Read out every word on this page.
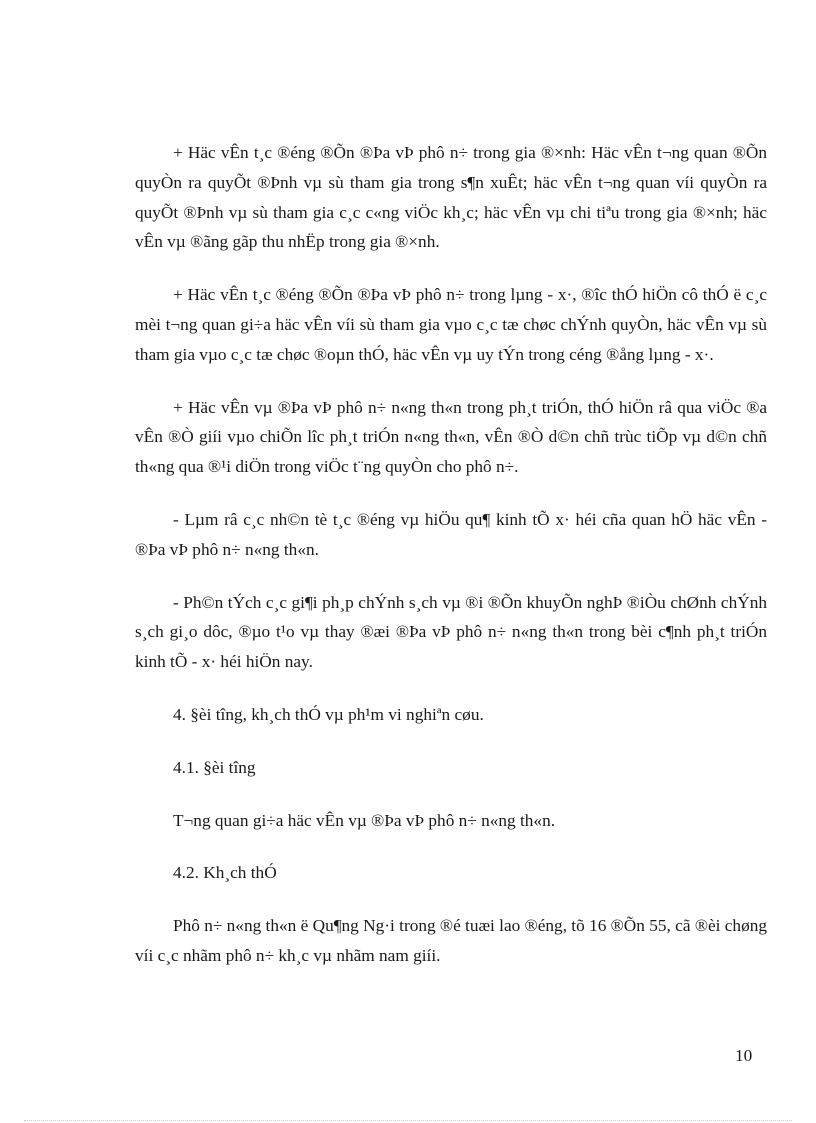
+ Häc vÊn t¸c ®éng ®Õn ®Þa vÞ phô n÷ trong gia ®×nh: Häc vÊn t¬ng quan ®Õn quyÒn ra quyÕt ®Þnh vµ sù tham gia trong s¶n xuÊt; häc vÊn t¬ng quan víi quyÒn ra quyÕt ®Þnh vµ sù tham gia c¸c c«ng viÖc kh¸c; häc vÊn vµ chi tiªu trong gia ®×nh; häc vÊn vµ ®ãng gãp thu nhËp trong gia ®×nh.

+ Häc vÊn t¸c ®éng ®Õn ®Þa vÞ phô n÷ trong lµng - x·, ®îc thÓ hiÖn cô thÓ ë c¸c mèi t¬ng quan gi÷a häc vÊn víi sù tham gia vµo c¸c tæ chøc chÝnh quyÒn, häc vÊn vµ sù tham gia vµo c¸c tæ chøc ®oµn thÓ, häc vÊn vµ uy tÝn trong céng ®ång lµng - x·.

+ Häc vÊn vµ ®Þa vÞ phô n÷ n«ng th«n trong ph¸t triÓn, thÓ hiÖn râ qua viÖc ®a vÊn ®Ò giíi vµo chiÕn lîc ph¸t triÓn n«ng th«n, vÊn ®Ò d©n chñ trùc tiÕp vµ d©n chñ th«ng qua ®¹i diÖn trong viÖc t¨ng quyÒn cho phô n÷.

- Lµm râ c¸c nh©n tè t¸c ®éng vµ hiÖu qu¶ kinh tÕ x· héi cña quan hÖ häc vÊn - ®Þa vÞ phô n÷ n«ng th«n.

- Ph©n tÝch c¸c gi¶i ph¸p chÝnh s¸ch vµ ®i ®Õn khuyÕn nghÞ ®iÒu chØnh chÝnh s¸ch gi¸o dôc, ®µo t¹o vµ thay ®æi ®Þa vÞ phô n÷ n«ng th«n trong bèi c¶nh ph¸t triÓn kinh tÕ - x· héi hiÖn nay.

4. §èi tîng, kh¸ch thÓ vµ ph¹m vi nghiªn cøu.

4.1. §èi tîng

T¬ng quan gi÷a häc vÊn vµ ®Þa vÞ phô n÷ n«ng th«n.

4.2. Kh¸ch thÓ

Phô n÷ n«ng th«n ë Qu¶ng Ng·i trong ®é tuæi lao ®éng, tõ 16 ®Õn 55, cã ®èi chøng víi c¸c nhãm phô n÷ kh¸c vµ nhãm nam giíi.

10
